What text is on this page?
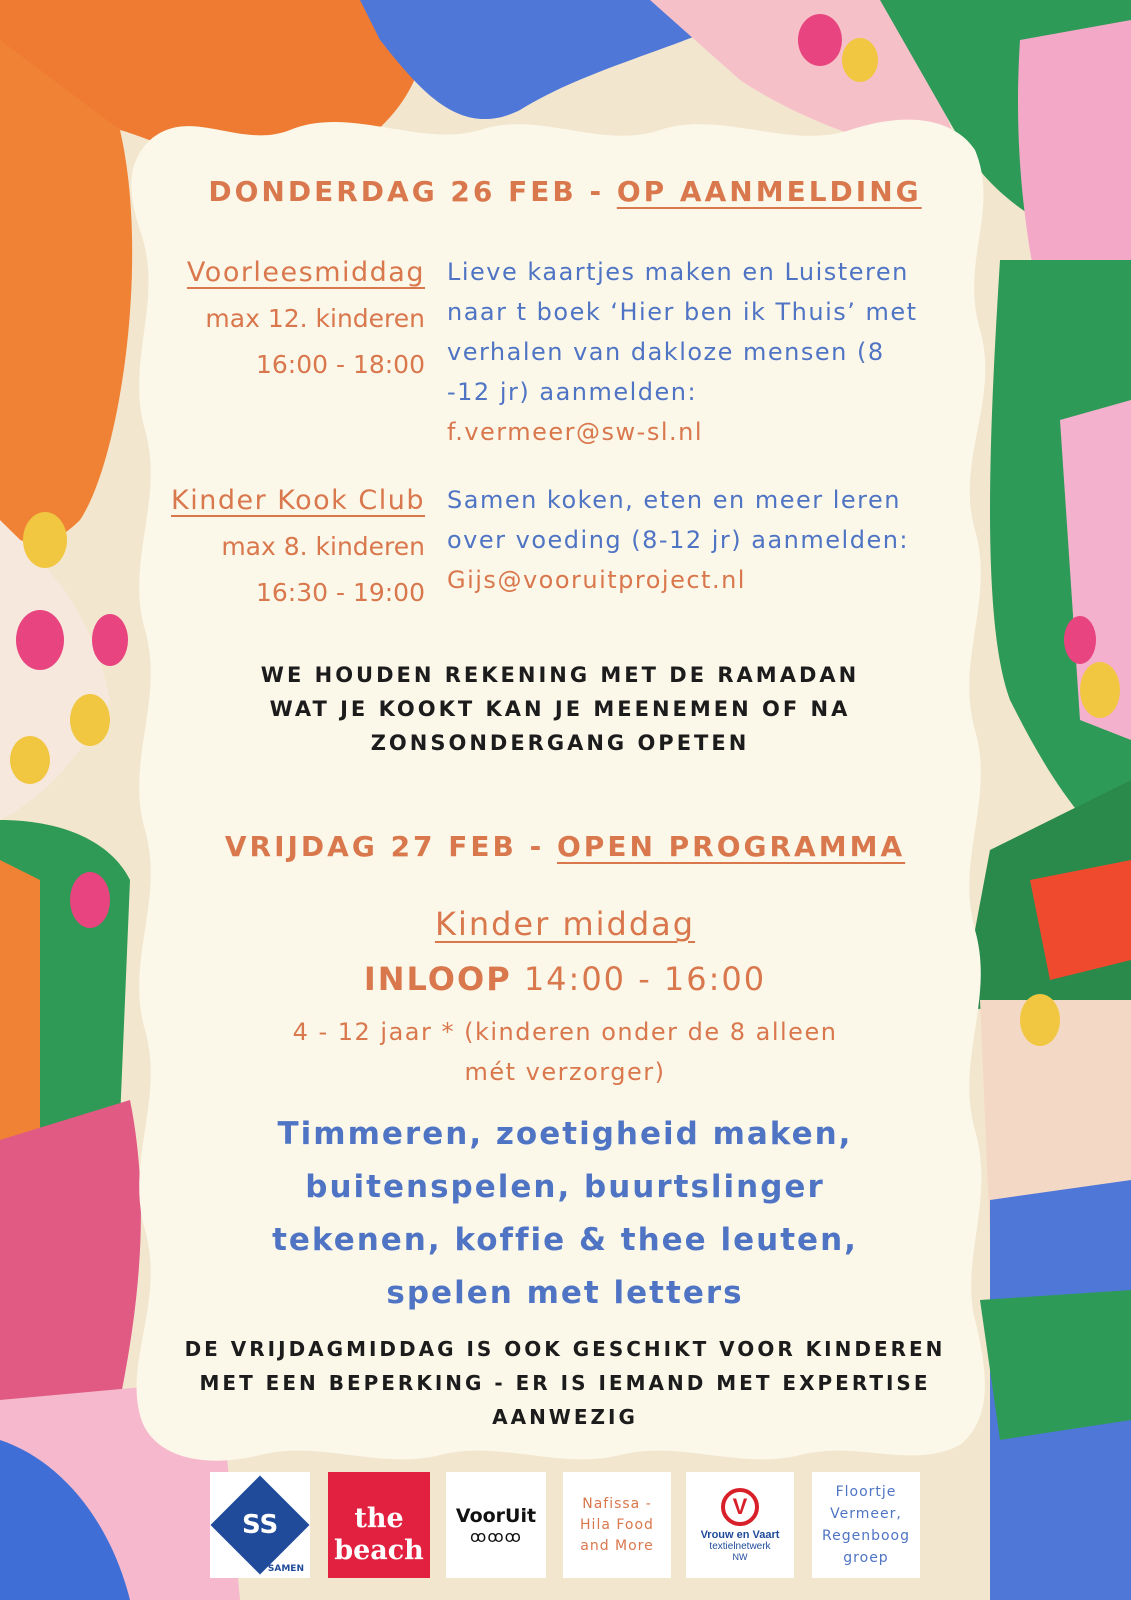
DONDERDAG 26 FEB - OP AANMELDING
Voorleesmiddag
max 12. kinderen
16:00 - 18:00
Lieve kaartjes maken en Luisteren
naar t boek ‘Hier ben ik Thuis’ met
verhalen van dakloze mensen (8
-12 jr) aanmelden:
f.vermeer@sw-sl.nl
Kinder Kook Club
max 8. kinderen
16:30 - 19:00
Samen koken, eten en meer leren
over voeding (8-12 jr) aanmelden:
Gijs@vooruitproject.nl
WE HOUDEN REKENING MET DE RAMADAN
WAT JE KOOKT KAN JE MEENEMEN OF NA
ZONSONDERGANG OPETEN
VRIJDAG 27 FEB - OPEN PROGRAMMA
Kinder middag
INLOOP 14:00 - 16:00
4 - 12 jaar * (kinderen onder de 8 alleen
mét verzorger)
Timmeren, zoetigheid maken,
buitenspelen, buurtslinger
tekenen, koffie & thee leuten,
spelen met letters
DE VRIJDAGMIDDAG IS OOK GESCHIKT VOOR KINDEREN
MET EEN BEPERKING - ER IS IEMAND MET EXPERTISE
AANWEZIG
SS
SAMEN
the
beach
VoorUit
ꝏꝏꝏ
Nafissa -
Hila Food
and More
V
Vrouw en Vaart
textielnetwerk
NW
Floortje
Vermeer,
Regenboog
groep
